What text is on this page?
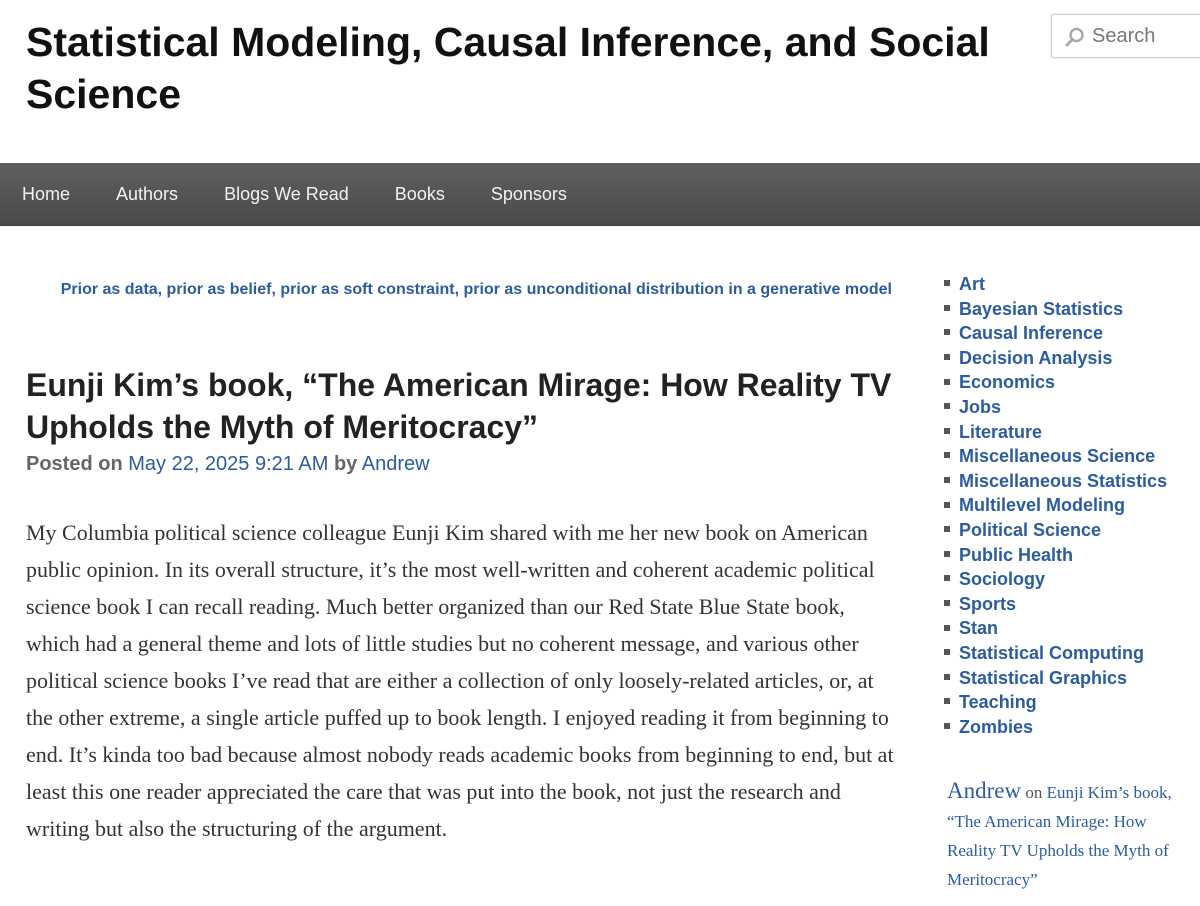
Statistical Modeling, Causal Inference, and Social
Science
Search
Home	Authors	Blogs We Read	Books	Sponsors

Prior as data, prior as belief, prior as soft constraint, prior as unconditional distribution in a generative model

Eunji Kim’s book, “The American Mirage: How Reality TV Upholds the Myth of Meritocracy”

Posted on May 22, 2025 9:21 AM by Andrew

My Columbia political science colleague Eunji Kim shared with me her new book on American public opinion. In its overall structure, it’s the most well-written and coherent academic political science book I can recall reading. Much better organized than our Red State Blue State book, which had a general theme and lots of little studies but no coherent message, and various other political science books I’ve read that are either a collection of only loosely-related articles, or, at the other extreme, a single article puffed up to book length. I enjoyed reading it from beginning to end. It’s kinda too bad because almost nobody reads academic books from beginning to end, but at least this one reader appreciated the care that was put into the book, not just the research and writing but also the structuring of the argument.

Art
Bayesian Statistics
Causal Inference
Decision Analysis
Economics
Jobs
Literature
Miscellaneous Science
Miscellaneous Statistics
Multilevel Modeling
Political Science
Public Health
Sociology
Sports
Stan
Statistical Computing
Statistical Graphics
Teaching
Zombies

Andrew on Eunji Kim’s book, “The American Mirage: How Reality TV Upholds the Myth of Meritocracy”
